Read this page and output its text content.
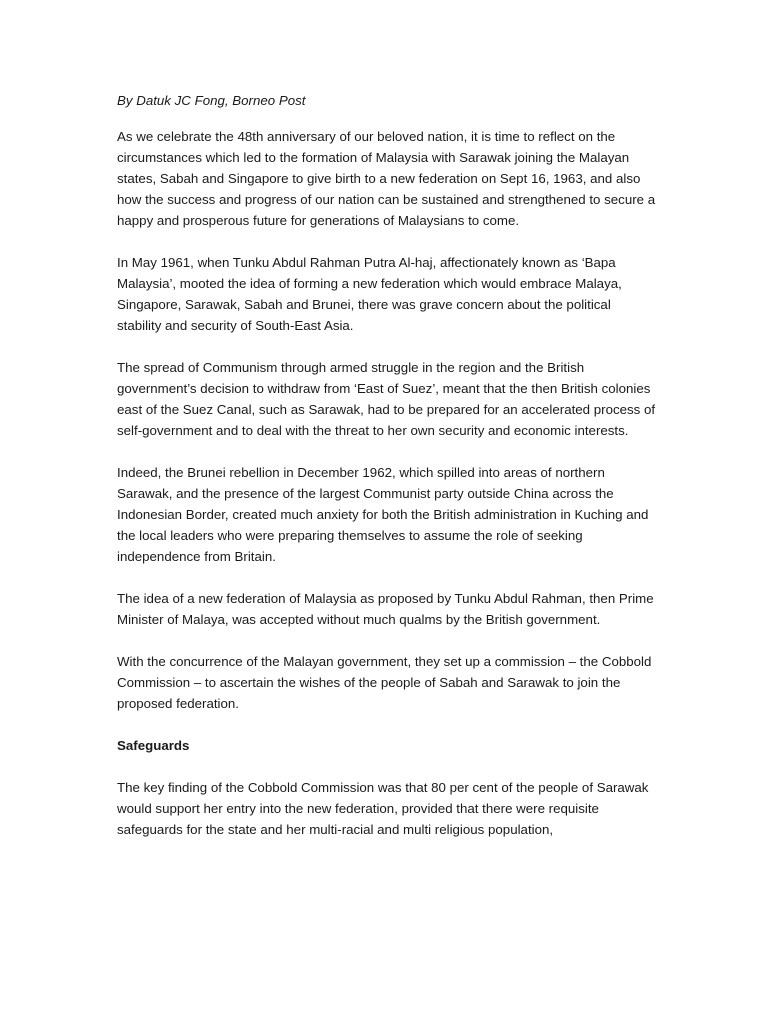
By Datuk JC Fong, Borneo Post

As we celebrate the 48th anniversary of our beloved nation, it is time to reflect on the circumstances which led to the formation of Malaysia with Sarawak joining the Malayan states, Sabah and Singapore to give birth to a new federation on Sept 16, 1963, and also how the success and progress of our nation can be sustained and strengthened to secure a happy and prosperous future for generations of Malaysians to come.

In May 1961, when Tunku Abdul Rahman Putra Al-haj, affectionately known as ‘Bapa Malaysia’, mooted the idea of forming a new federation which would embrace Malaya, Singapore, Sarawak, Sabah and Brunei, there was grave concern about the political stability and security of South-East Asia.

The spread of Communism through armed struggle in the region and the British government’s decision to withdraw from ‘East of Suez’, meant that the then British colonies east of the Suez Canal, such as Sarawak, had to be prepared for an accelerated process of self-government and to deal with the threat to her own security and economic interests.

Indeed, the Brunei rebellion in December 1962, which spilled into areas of northern Sarawak, and the presence of the largest Communist party outside China across the Indonesian Border, created much anxiety for both the British administration in Kuching and the local leaders who were preparing themselves to assume the role of seeking independence from Britain.

The idea of a new federation of Malaysia as proposed by Tunku Abdul Rahman, then Prime Minister of Malaya, was accepted without much qualms by the British government.

With the concurrence of the Malayan government, they set up a commission – the Cobbold Commission – to ascertain the wishes of the people of Sabah and Sarawak to join the proposed federation.

Safeguards

The key finding of the Cobbold Commission was that 80 per cent of the people of Sarawak would support her entry into the new federation, provided that there were requisite safeguards for the state and her multi-racial and multi religious population,
